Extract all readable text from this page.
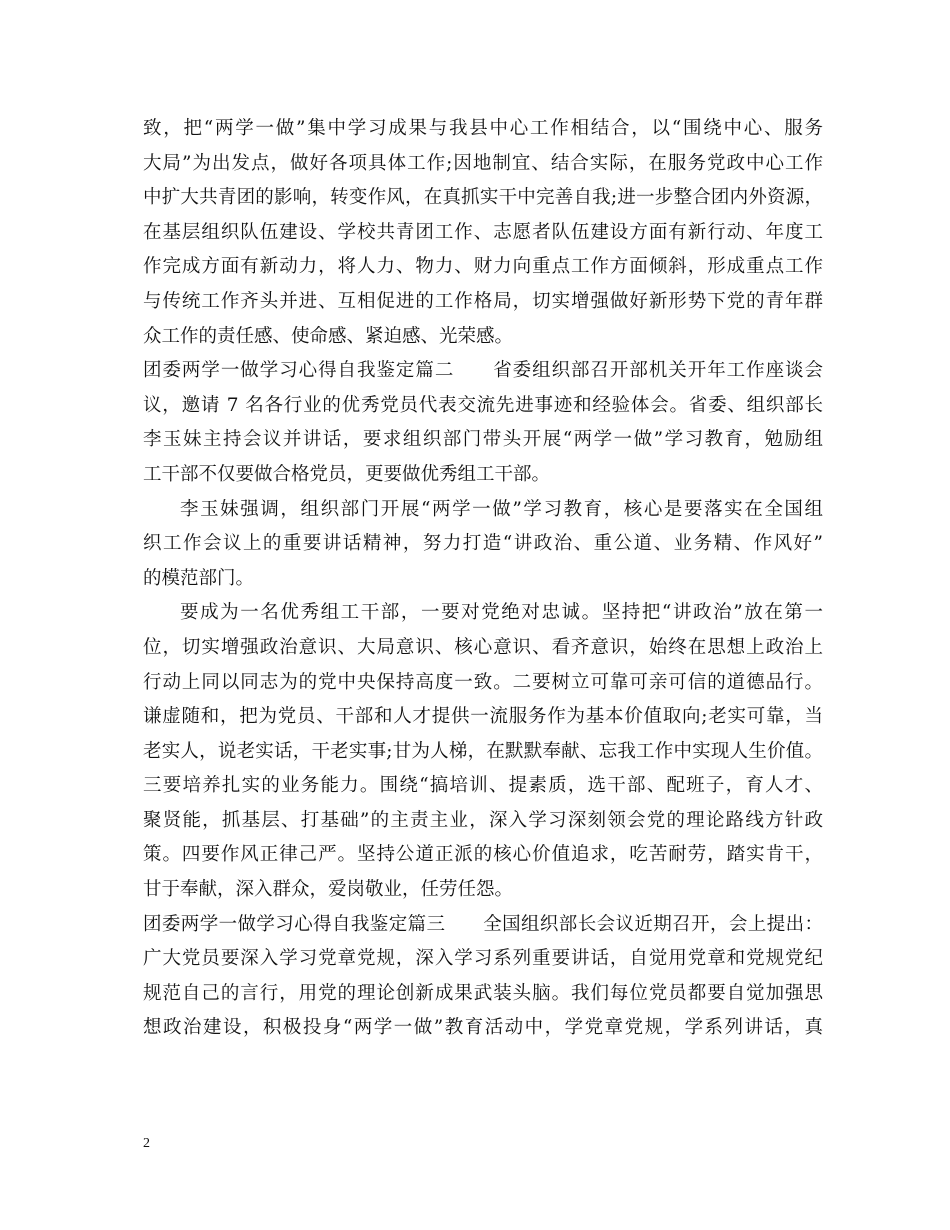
致，把“两学一做”集中学习成果与我县中心工作相结合，以“围绕中心、服务
大局”为出发点，做好各项具体工作;因地制宜、结合实际，在服务党政中心工作
中扩大共青团的影响，转变作风，在真抓实干中完善自我;进一步整合团内外资源，
在基层组织队伍建设、学校共青团工作、志愿者队伍建设方面有新行动、年度工
作完成方面有新动力，将人力、物力、财力向重点工作方面倾斜，形成重点工作
与传统工作齐头并进、互相促进的工作格局，切实增强做好新形势下党的青年群
众工作的责任感、使命感、紧迫感、光荣感。
团委两学一做学习心得自我鉴定篇二　　省委组织部召开部机关开年工作座谈会
议，邀请 7 名各行业的优秀党员代表交流先进事迹和经验体会。省委、组织部长
李玉妹主持会议并讲话，要求组织部门带头开展“两学一做”学习教育，勉励组
工干部不仅要做合格党员，更要做优秀组工干部。
李玉妹强调，组织部门开展“两学一做”学习教育，核心是要落实在全国组
织工作会议上的重要讲话精神，努力打造“讲政治、重公道、业务精、作风好”
的模范部门。
要成为一名优秀组工干部，一要对党绝对忠诚。坚持把“讲政治”放在第一
位，切实增强政治意识、大局意识、核心意识、看齐意识，始终在思想上政治上
行动上同以同志为的党中央保持高度一致。二要树立可靠可亲可信的道德品行。
谦虚随和，把为党员、干部和人才提供一流服务作为基本价值取向;老实可靠，当
老实人，说老实话，干老实事;甘为人梯，在默默奉献、忘我工作中实现人生价值。
三要培养扎实的业务能力。围绕“搞培训、提素质，选干部、配班子，育人才、
聚贤能，抓基层、打基础”的主责主业，深入学习深刻领会党的理论路线方针政
策。四要作风正律己严。坚持公道正派的核心价值追求，吃苦耐劳，踏实肯干，
甘于奉献，深入群众，爱岗敬业，任劳任怨。
团委两学一做学习心得自我鉴定篇三　　全国组织部长会议近期召开，会上提出：
广大党员要深入学习党章党规，深入学习系列重要讲话，自觉用党章和党规党纪
规范自己的言行，用党的理论创新成果武装头脑。我们每位党员都要自觉加强思
想政治建设，积极投身“两学一做”教育活动中，学党章党规，学系列讲话，真
2
